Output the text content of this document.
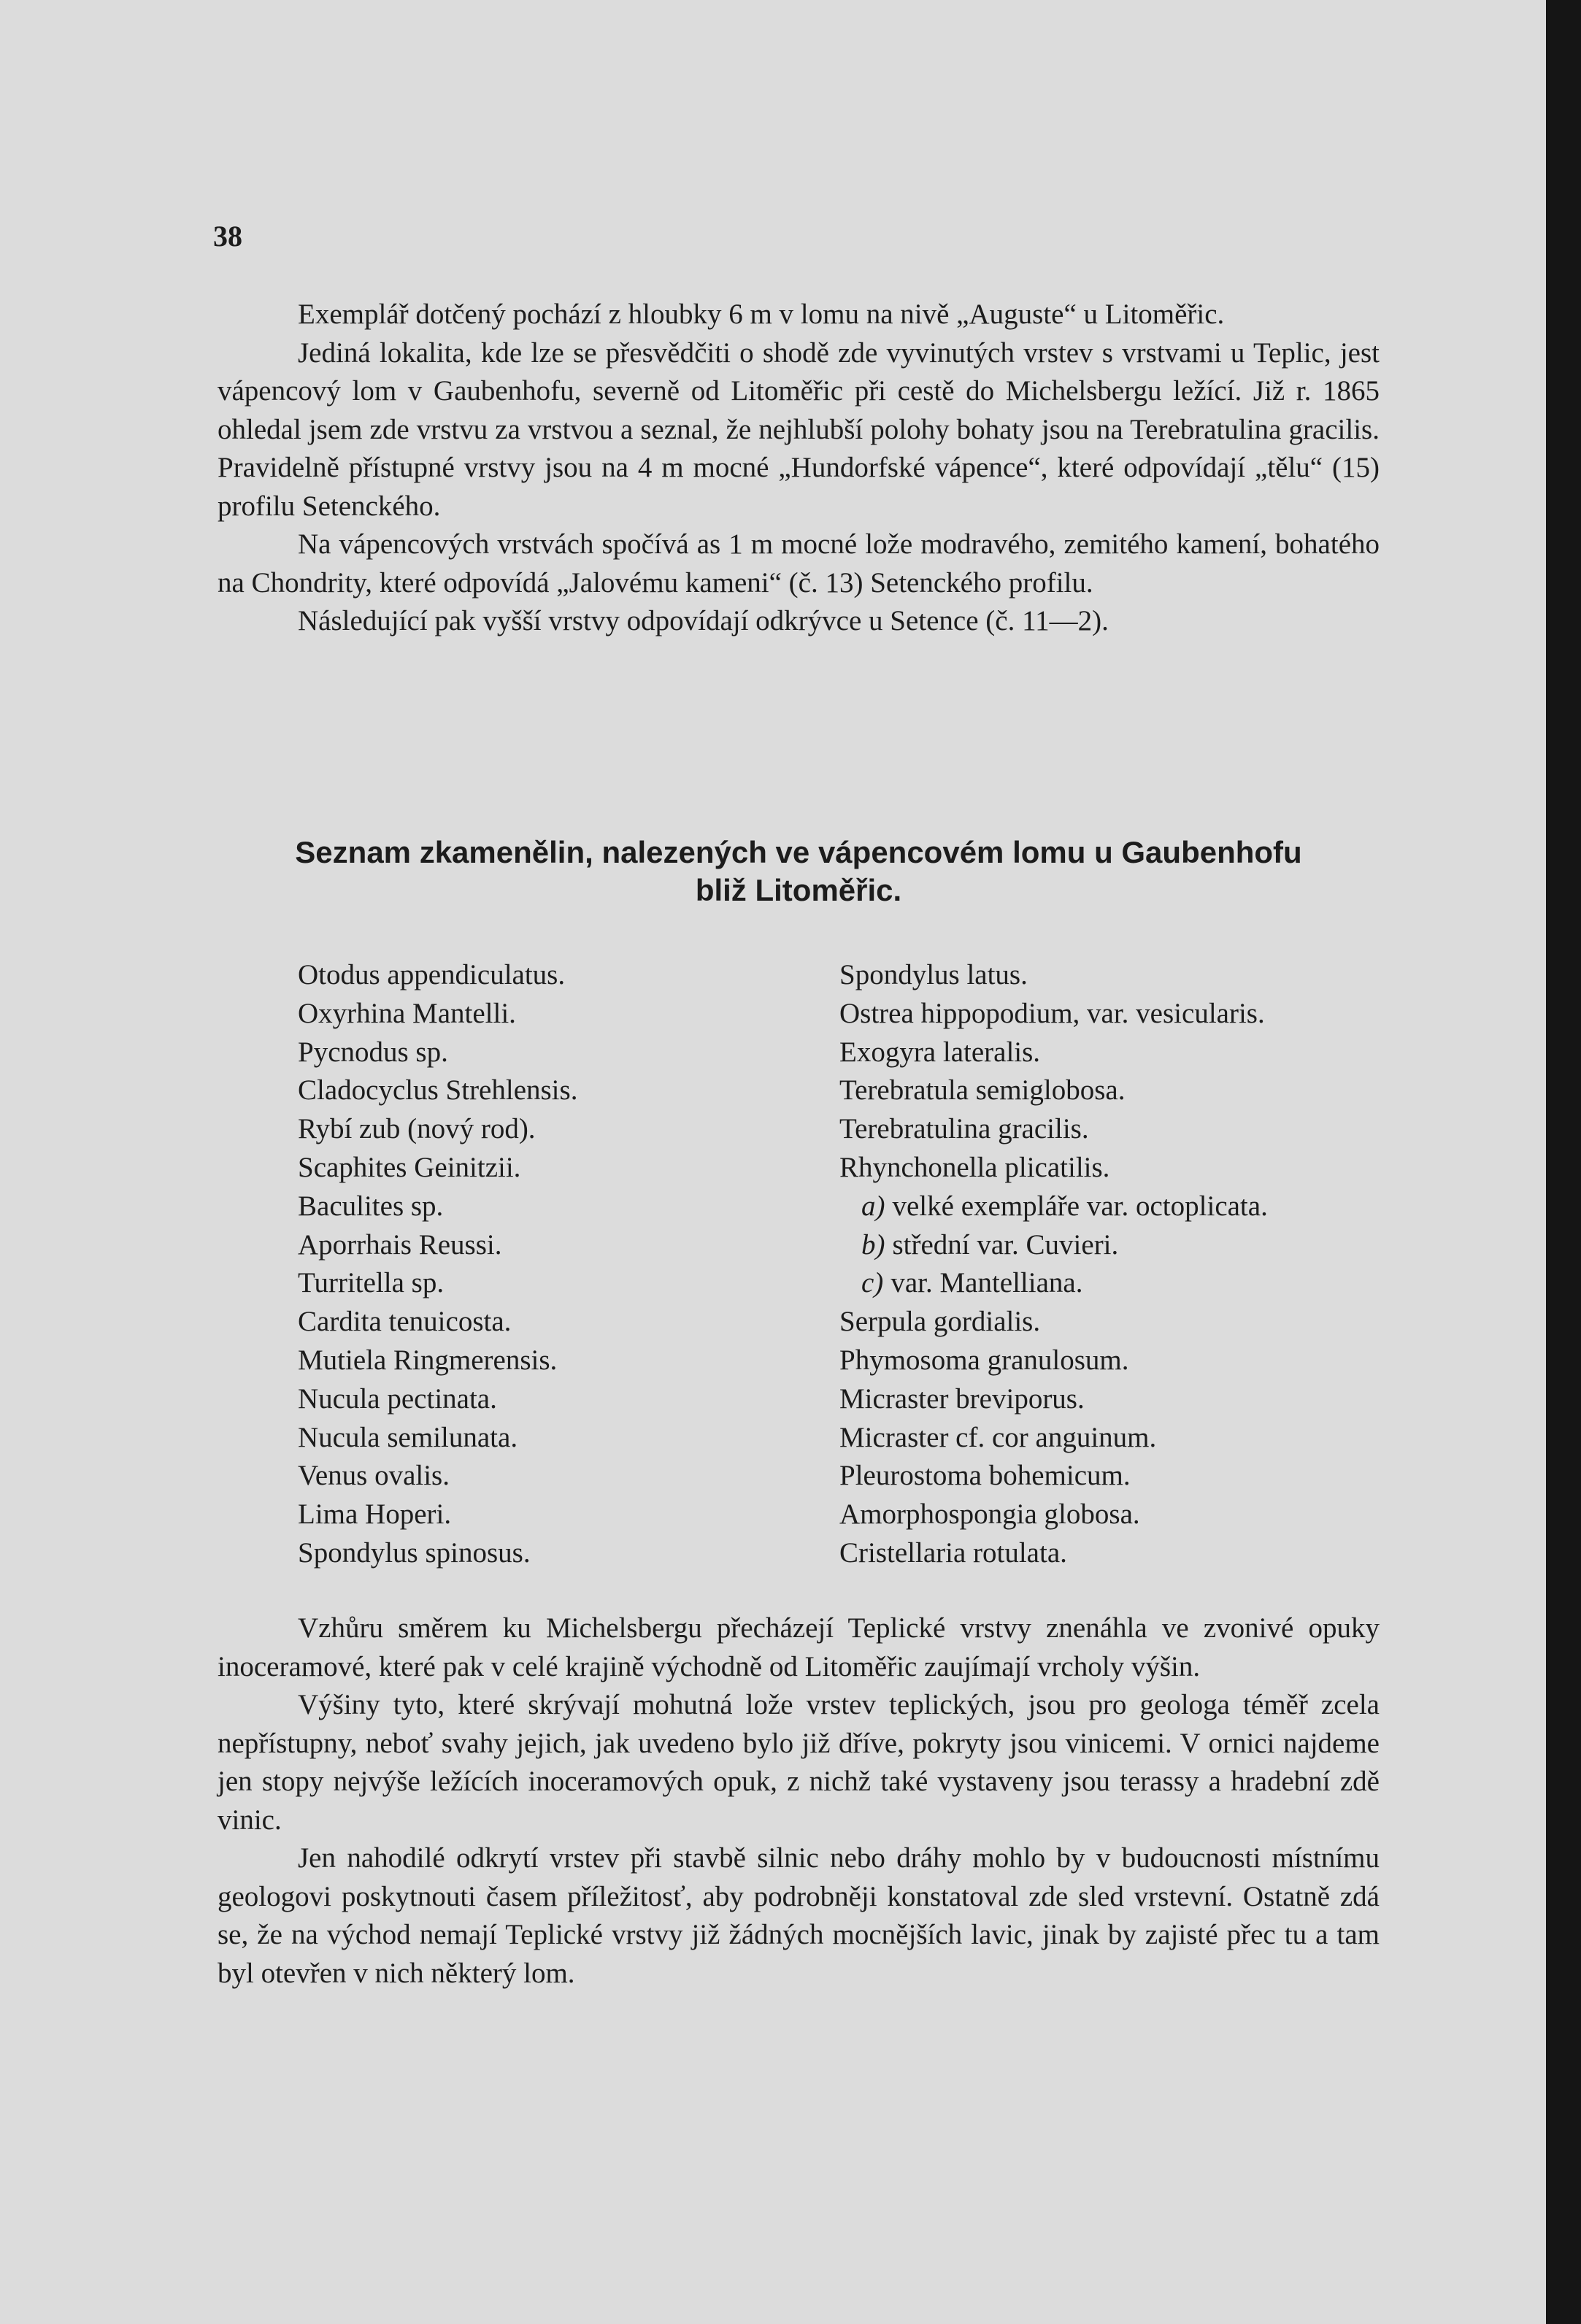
38

Exemplář dotčený pochází z hloubky 6 m v lomu na nivě „Auguste“ u Litoměřic.

Jediná lokalita, kde lze se přesvědčiti o shodě zde vyvinutých vrstev s vrstvami u Teplic, jest vápencový lom v Gaubenhofu, severně od Litoměřic při cestě do Michelsbergu ležící. Již r. 1865 ohledal jsem zde vrstvu za vrstvou a seznal, že nejhlubší polohy bohaty jsou na Terebratulina gracilis. Pravidelně přístupné vrstvy jsou na 4 m mocné „Hundorfské vápence“, které odpovídají „tělu“ (15) profilu Setenckého.

Na vápencových vrstvách spočívá as 1 m mocné lože modravého, zemitého kamení, bohatého na Chondrity, které odpovídá „Jalovému kameni“ (č. 13) Setenckého profilu.

Následující pak vyšší vrstvy odpovídají odkrývce u Setence (č. 11—2).

Seznam zkamenělin, nalezených ve vápencovém lomu u Gaubenhofu
bliž Litoměřic.
Otodus appendiculatus.
Oxyrhina Mantelli.
Pycnodus sp.
Cladocyclus Strehlensis.
Rybí zub (nový rod).
Scaphites Geinitzii.
Baculites sp.
Aporrhais Reussi.
Turritella sp.
Cardita tenuicosta.
Mutiela Ringmerensis.
Nucula pectinata.
Nucula semilunata.
Venus ovalis.
Lima Hoperi.
Spondylus spinosus.
Spondylus latus.
Ostrea hippopodium, var. vesicularis.
Exogyra lateralis.
Terebratula semiglobosa.
Terebratulina gracilis.
Rhynchonella plicatilis.
a) velké exempláře var. octoplicata.
b) střední var. Cuvieri.
c) var. Mantelliana.
Serpula gordialis.
Phymosoma granulosum.
Micraster breviporus.
Micraster cf. cor anguinum.
Pleurostoma bohemicum.
Amorphospongia globosa.
Cristellaria rotulata.

Vzhůru směrem ku Michelsbergu přecházejí Teplické vrstvy znenáhla ve zvonivé opuky inoceramové, které pak v celé krajině východně od Litoměřic zaujímají vrcholy výšin.

Výšiny tyto, které skrývají mohutná lože vrstev teplických, jsou pro geologa téměř zcela nepřístupny, neboť svahy jejich, jak uvedeno bylo již dříve, pokryty jsou vinicemi. V ornici najdeme jen stopy nejvýše ležících inoceramových opuk, z nichž také vystaveny jsou terassy a hradební zdě vinic.

Jen nahodilé odkrytí vrstev při stavbě silnic nebo dráhy mohlo by v budoucnosti místnímu geologovi poskytnouti časem příležitosť, aby podrobněji konstatoval zde sled vrstevní. Ostatně zdá se, že na východ nemají Teplické vrstvy již žádných mocnějších lavic, jinak by zajisté přec tu a tam byl otevřen v nich některý lom.
